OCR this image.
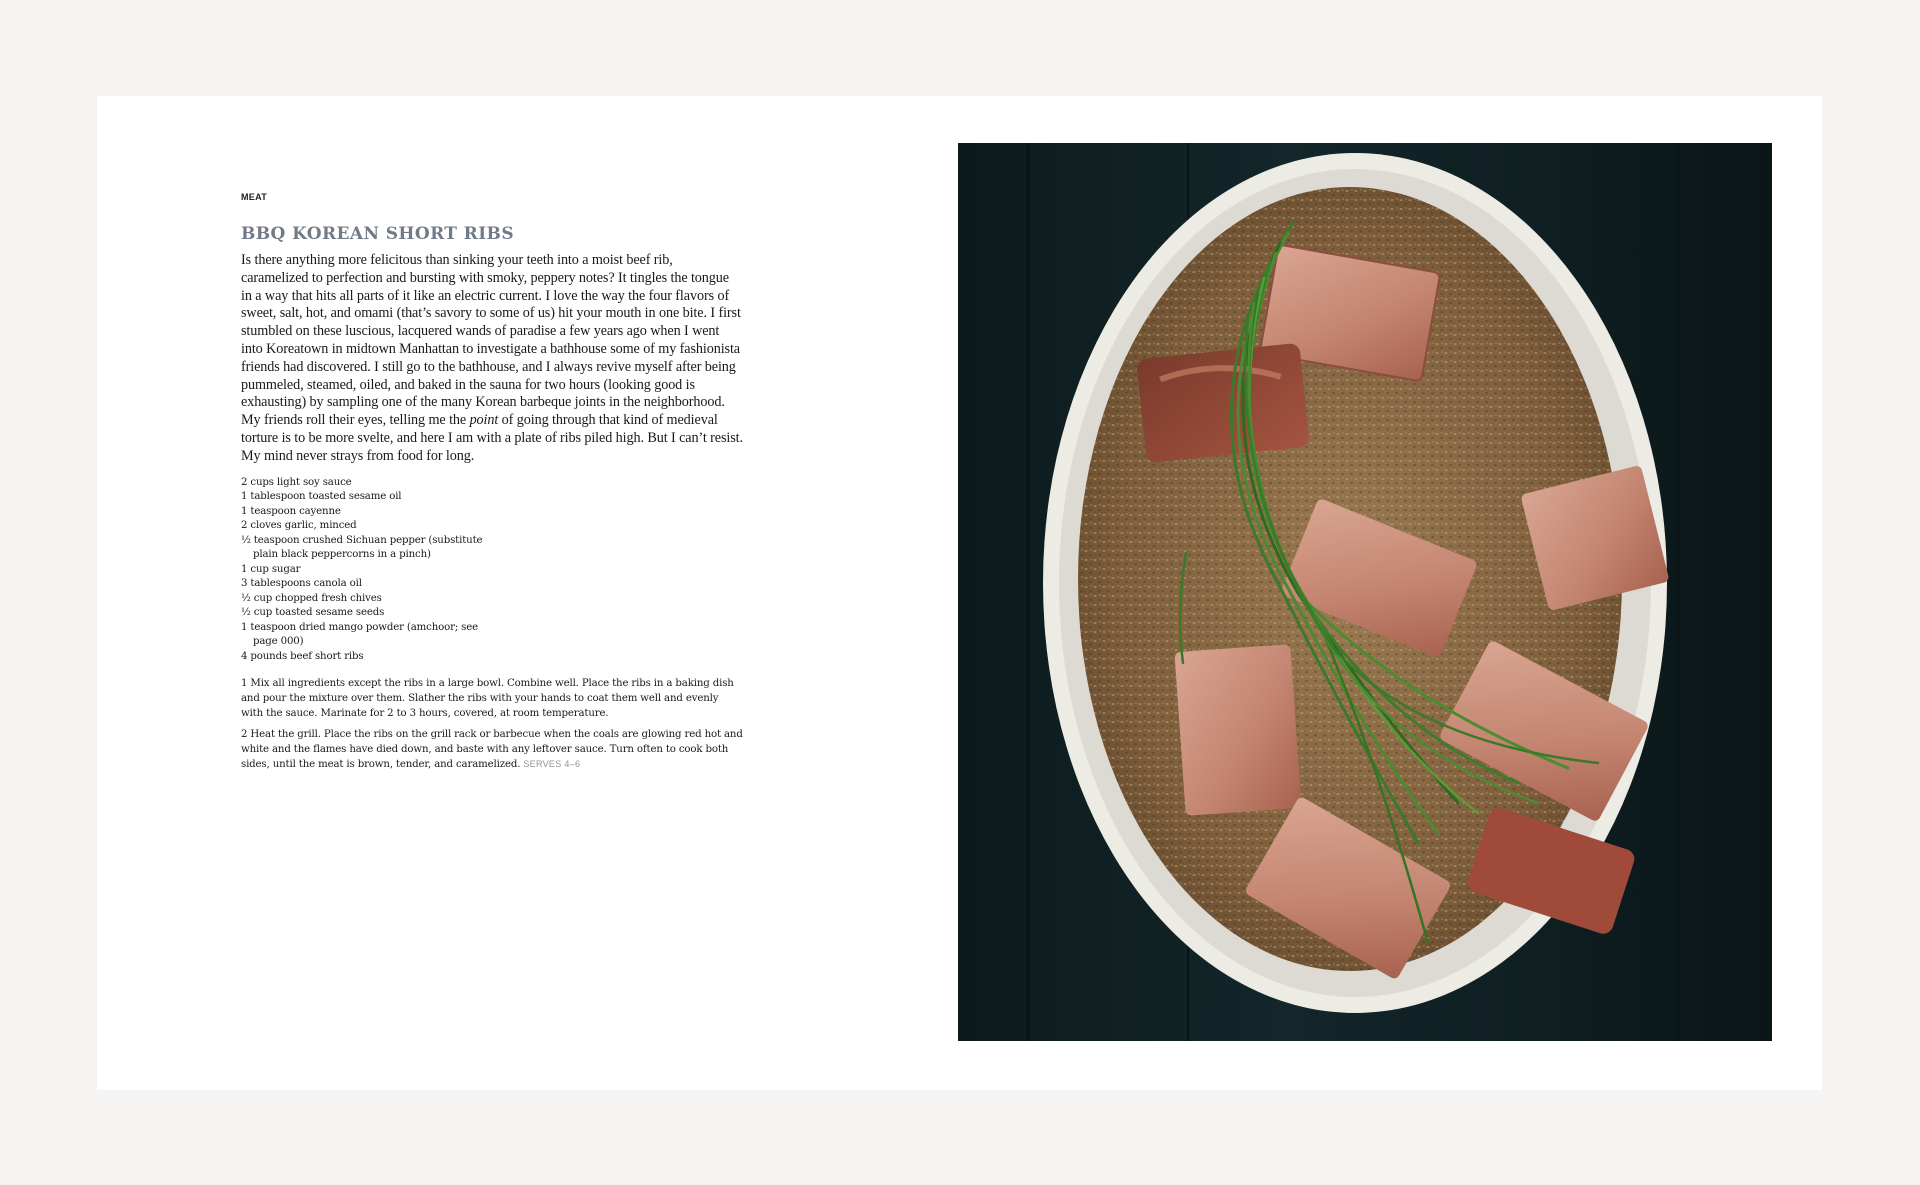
MEAT
BBQ KOREAN SHORT RIBS

Is there anything more felicitous than sinking your teeth into a moist beef rib, caramelized to perfection and bursting with smoky, peppery notes? It tingles the tongue in a way that hits all parts of it like an electric current. I love the way the four flavors of sweet, salt, hot, and omami (that’s savory to some of us) hit your mouth in one bite. I first stumbled on these luscious, lacquered wands of paradise a few years ago when I went into Koreatown in midtown Manhattan to investigate a bathhouse some of my fashionista friends had discovered. I still go to the bathhouse, and I always revive myself after being pummeled, steamed, oiled, and baked in the sauna for two hours (looking good is exhausting) by sampling one of the many Korean barbeque joints in the neighborhood. My friends roll their eyes, telling me the point of going through that kind of medieval torture is to be more svelte, and here I am with a plate of ribs piled high. But I can’t resist. My mind never strays from food for long.

2 cups light soy sauce
1 tablespoon toasted sesame oil
1 teaspoon cayenne
2 cloves garlic, minced
½ teaspoon crushed Sichuan pepper (substitute
plain black peppercorns in a pinch)
1 cup sugar
3 tablespoons canola oil
½ cup chopped fresh chives
½ cup toasted sesame seeds
1 teaspoon dried mango powder (amchoor; see
page 000)
4 pounds beef short ribs

1 Mix all ingredients except the ribs in a large bowl. Combine well. Place the ribs in a baking dish and pour the mixture over them. Slather the ribs with your hands to coat them well and evenly with the sauce. Marinate for 2 to 3 hours, covered, at room temperature.

2 Heat the grill. Place the ribs on the grill rack or barbecue when the coals are glowing red hot and white and the flames have died down, and baste with any leftover sauce. Turn often to cook both sides, until the meat is brown, tender, and caramelized. SERVES 4–6
